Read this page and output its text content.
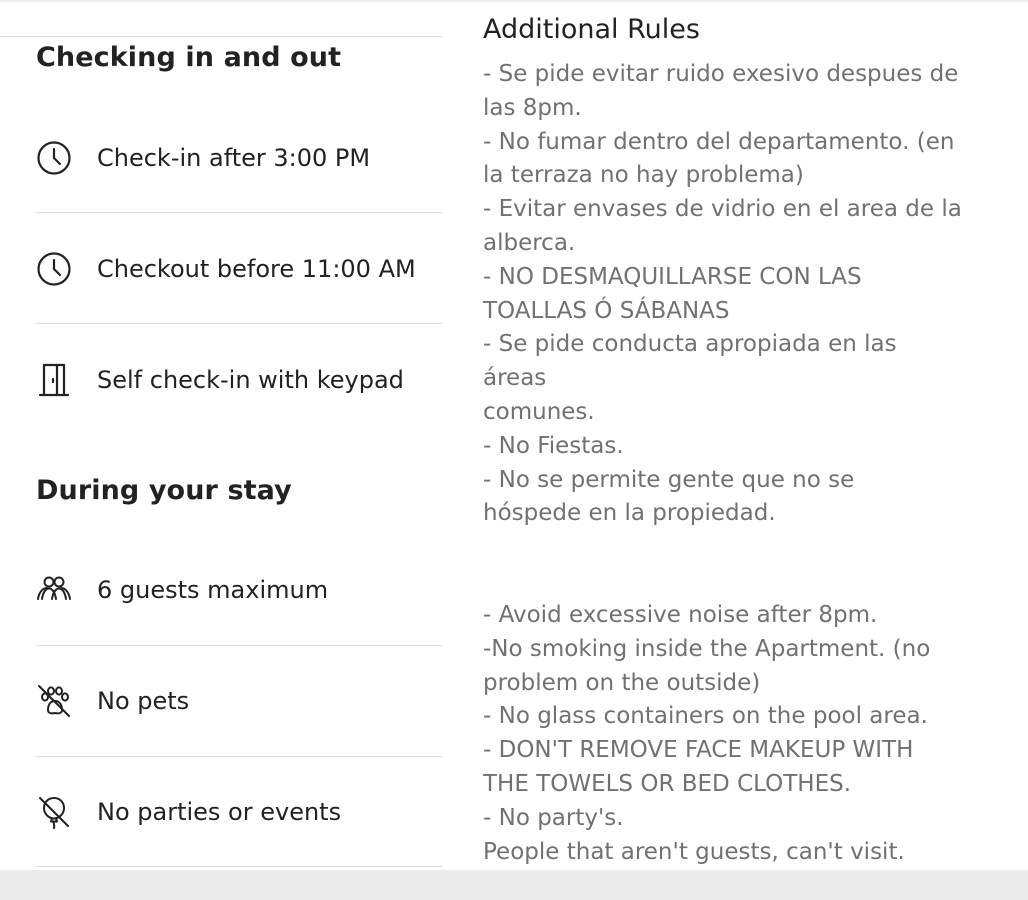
Checking in and out
Check-in after 3:00 PM
Checkout before 11:00 AM
Self check-in with keypad
During your stay
6 guests maximum
No pets
No parties or events
Additional Rules
- Se pide evitar ruido exesivo despues de
las 8pm.
- No fumar dentro del departamento. (en
la terraza no hay problema)
- Evitar envases de vidrio en el area de la
alberca.
- NO DESMAQUILLARSE CON LAS
TOALLAS Ó SÁBANAS
- Se pide conducta apropiada en las
áreas
comunes.
- No Fiestas.
- No se permite gente que no se
hóspede en la propiedad.
- Avoid excessive noise after 8pm.
-No smoking inside the Apartment. (no
problem on the outside)
- No glass containers on the pool area.
- DON'T REMOVE FACE MAKEUP WITH
THE TOWELS OR BED CLOTHES.
- No party's.
People that aren't guests, can't visit.
